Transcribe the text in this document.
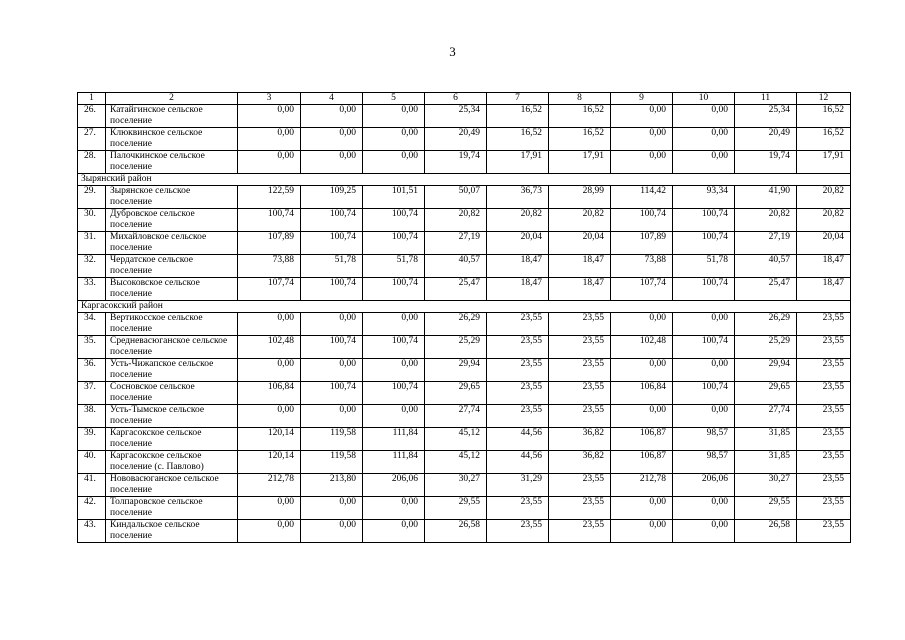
3
1	2	3	4	5	6	7	8	9	10	11	12
26.	Катайгинское сельское поселение	0,00	0,00	0,00	25,34	16,52	16,52	0,00	0,00	25,34	16,52
27.	Клюквинское сельское поселение	0,00	0,00	0,00	20,49	16,52	16,52	0,00	0,00	20,49	16,52
28.	Палочкинское сельское поселение	0,00	0,00	0,00	19,74	17,91	17,91	0,00	0,00	19,74	17,91
Зырянский район											
29.	Зырянское сельское поселение	122,59	109,25	101,51	50,07	36,73	28,99	114,42	93,34	41,90	20,82
30.	Дубровское сельское поселение	100,74	100,74	100,74	20,82	20,82	20,82	100,74	100,74	20,82	20,82
31.	Михайловское сельское поселение	107,89	100,74	100,74	27,19	20,04	20,04	107,89	100,74	27,19	20,04
32.	Чердатское сельское поселение	73,88	51,78	51,78	40,57	18,47	18,47	73,88	51,78	40,57	18,47
33.	Высоковское сельское поселение	107,74	100,74	100,74	25,47	18,47	18,47	107,74	100,74	25,47	18,47
Каргасокский район											
34.	Вертикосское сельское поселение	0,00	0,00	0,00	26,29	23,55	23,55	0,00	0,00	26,29	23,55
35.	Средневасюганское сельское поселение	102,48	100,74	100,74	25,29	23,55	23,55	102,48	100,74	25,29	23,55
36.	Усть-Чижапское сельское поселение	0,00	0,00	0,00	29,94	23,55	23,55	0,00	0,00	29,94	23,55
37.	Сосновское сельское поселение	106,84	100,74	100,74	29,65	23,55	23,55	106,84	100,74	29,65	23,55
38.	Усть-Тымское сельское поселение	0,00	0,00	0,00	27,74	23,55	23,55	0,00	0,00	27,74	23,55
39.	Каргасокское сельское поселение	120,14	119,58	111,84	45,12	44,56	36,82	106,87	98,57	31,85	23,55
40.	Каргасокское сельское поселение (с. Павлово)	120,14	119,58	111,84	45,12	44,56	36,82	106,87	98,57	31,85	23,55
41.	Нововасюганское сельское поселение	212,78	213,80	206,06	30,27	31,29	23,55	212,78	206,06	30,27	23,55
42.	Толпаровское сельское поселение	0,00	0,00	0,00	29,55	23,55	23,55	0,00	0,00	29,55	23,55
43.	Киндальское сельское поселение	0,00	0,00	0,00	26,58	23,55	23,55	0,00	0,00	26,58	23,55
